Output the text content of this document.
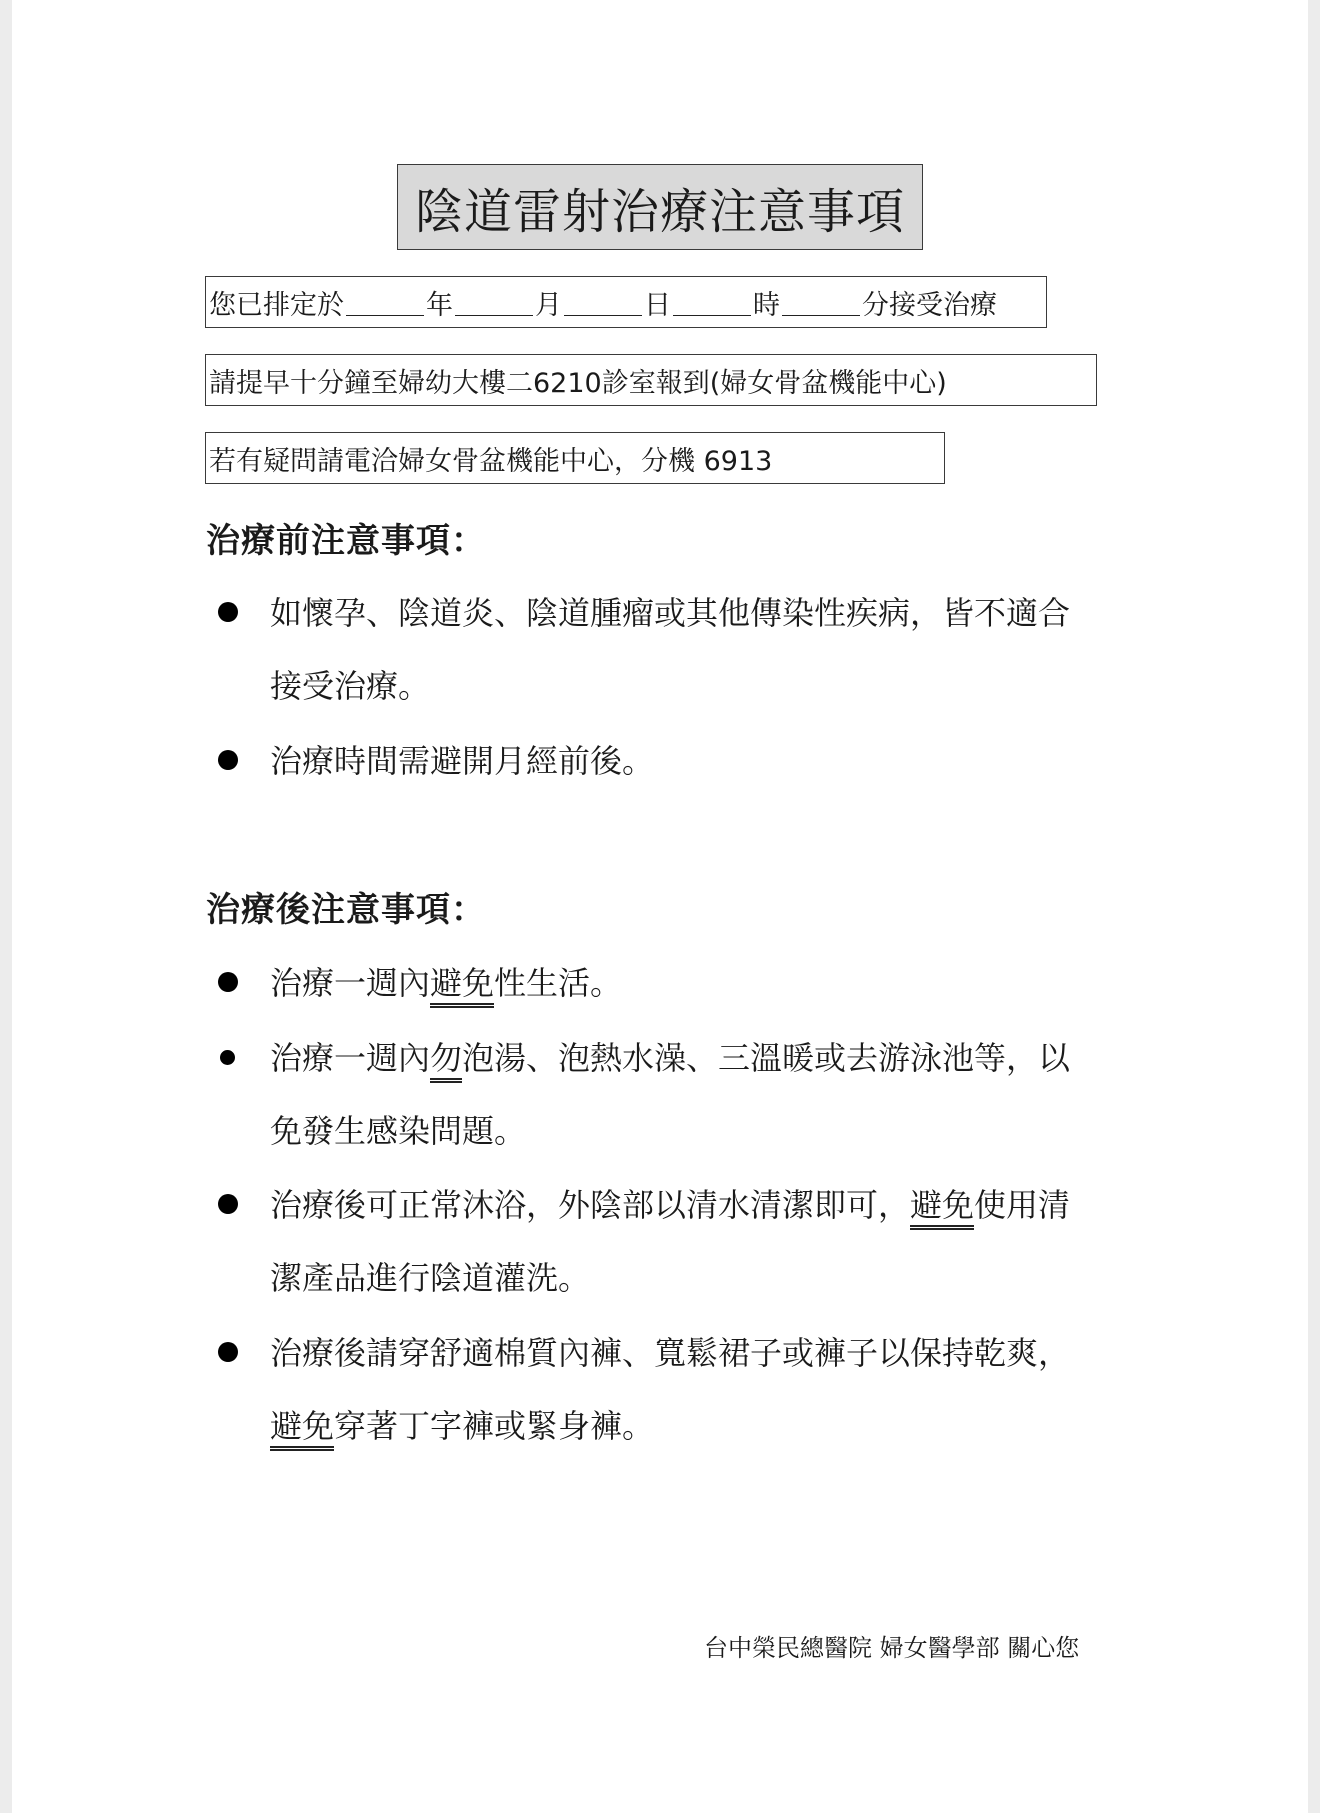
陰道雷射治療注意事項
您已排定於	年	月	日	時	分接受治療
請提早十分鐘至婦幼大樓二6210診室報到(婦女骨盆機能中心)
若有疑問請電洽婦女骨盆機能中心，分機 6913
治療前注意事項：
如懷孕、陰道炎、陰道腫瘤或其他傳染性疾病，皆不適合
接受治療。
治療時間需避開月經前後。
治療後注意事項：
治療一週內避免性生活。
治療一週內勿泡湯、泡熱水澡、三溫暖或去游泳池等，以
免發生感染問題。
治療後可正常沐浴，外陰部以清水清潔即可，避免使用清
潔產品進行陰道灌洗。
治療後請穿舒適棉質內褲、寬鬆裙子或褲子以保持乾爽，
避免穿著丁字褲或緊身褲。
台中榮民總醫院 婦女醫學部 關心您
